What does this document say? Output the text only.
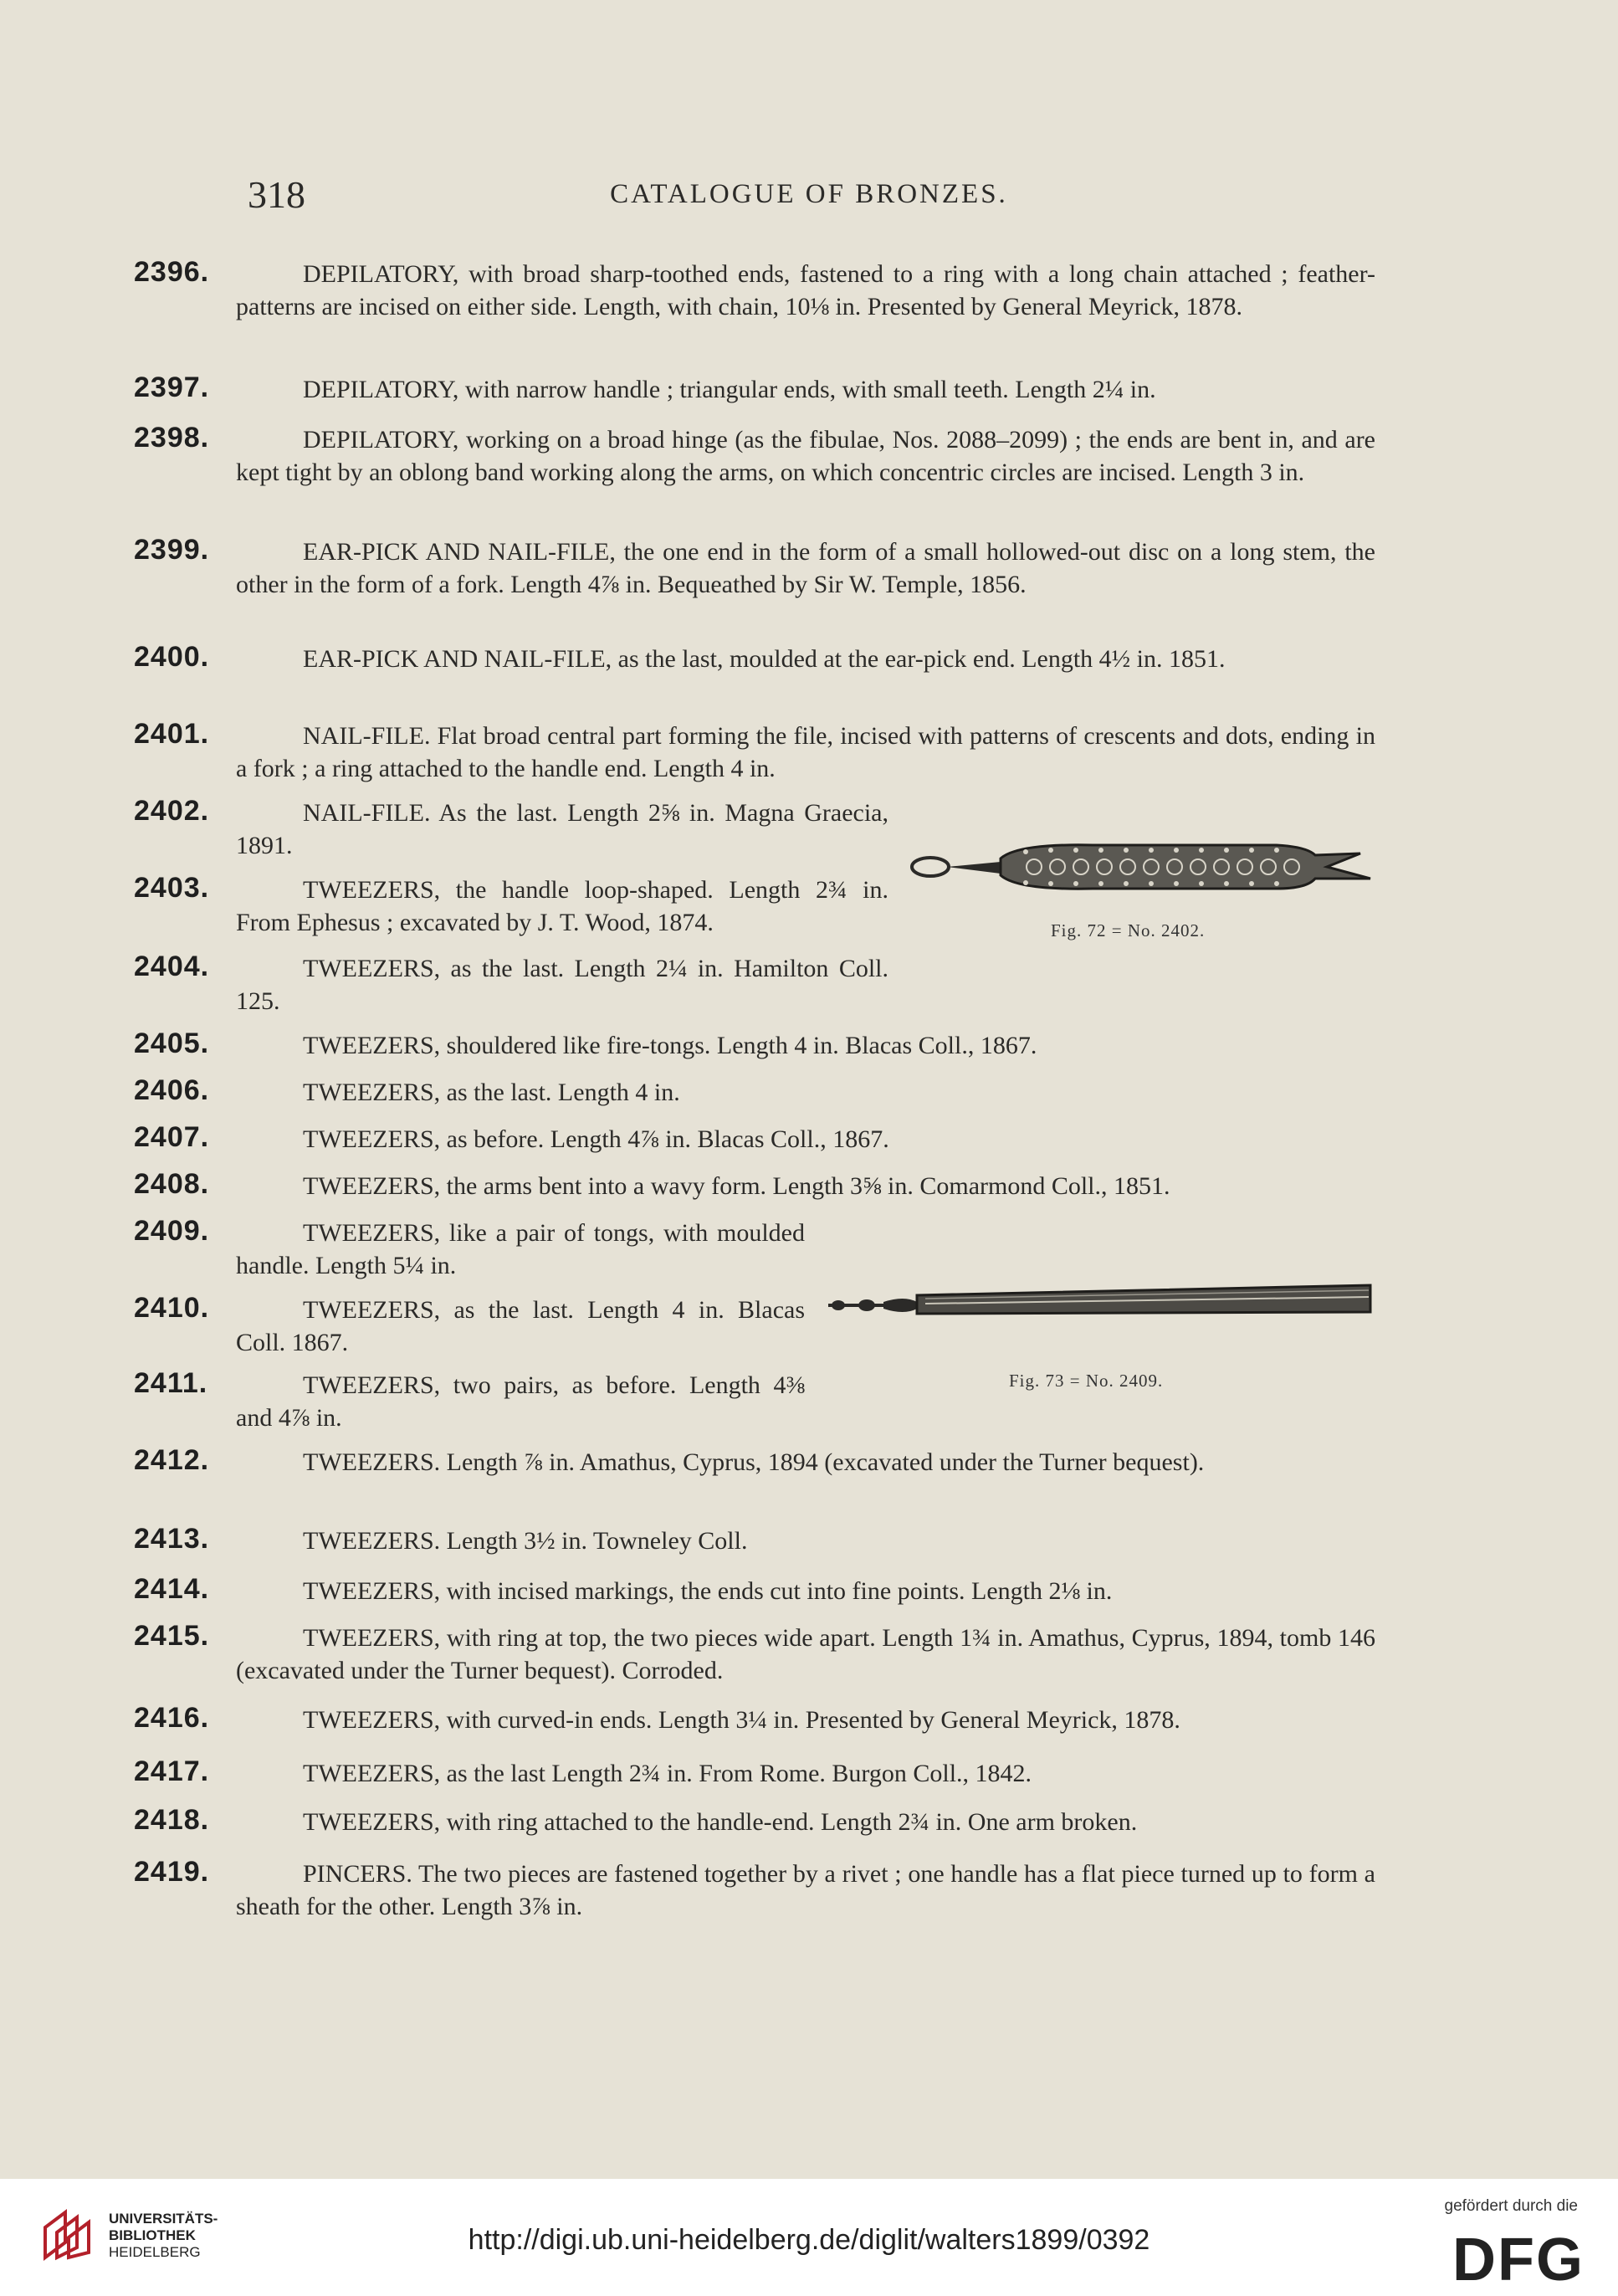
318	CATALOGUE OF BRONZES.
2396.	DEPILATORY, with broad sharp-toothed ends, fastened to a ring with a long chain attached ; feather-patterns are incised on either side. Length, with chain, 10⅛ in. Presented by General Meyrick, 1878.
2397.	DEPILATORY, with narrow handle ; triangular ends, with small teeth. Length 2¼ in.
2398.	DEPILATORY, working on a broad hinge (as the fibulae, Nos. 2088–2099) ; the ends are bent in, and are kept tight by an oblong band working along the arms, on which concentric circles are incised. Length 3 in.
2399.	EAR-PICK AND NAIL-FILE, the one end in the form of a small hollowed-out disc on a long stem, the other in the form of a fork. Length 4⅞ in. Bequeathed by Sir W. Temple, 1856.
2400.	EAR-PICK AND NAIL-FILE, as the last, moulded at the ear-pick end. Length 4½ in. 1851.
2401.	NAIL-FILE. Flat broad central part forming the file, incised with patterns of crescents and dots, ending in a fork ; a ring attached to the handle end. Length 4 in.
2402.	NAIL-FILE. As the last. Length 2⅝ in. Magna Graecia, 1891.
2403.	TWEEZERS, the handle loop-shaped. Length 2¾ in. From Ephesus ; excavated by J. T. Wood, 1874.
2404.	TWEEZERS, as the last. Length 2¼ in. Hamilton Coll. 125.
2405.	TWEEZERS, shouldered like fire-tongs. Length 4 in. Blacas Coll., 1867.
2406.	TWEEZERS, as the last. Length 4 in.
2407.	TWEEZERS, as before. Length 4⅞ in. Blacas Coll., 1867.
2408.	TWEEZERS, the arms bent into a wavy form. Length 3⅝ in. Comarmond Coll., 1851.
2409.	TWEEZERS, like a pair of tongs, with moulded handle. Length 5¼ in.
2410.	TWEEZERS, as the last. Length 4 in. Blacas Coll. 1867.
2411.	TWEEZERS, two pairs, as before. Length 4⅜ and 4⅞ in.
2412.	TWEEZERS. Length ⅞ in. Amathus, Cyprus, 1894 (excavated under the Turner bequest).
2413.	TWEEZERS. Length 3½ in. Towneley Coll.
2414.	TWEEZERS, with incised markings, the ends cut into fine points. Length 2⅛ in.
2415.	TWEEZERS, with ring at top, the two pieces wide apart. Length 1¾ in. Amathus, Cyprus, 1894, tomb 146 (excavated under the Turner bequest). Corroded.
2416.	TWEEZERS, with curved-in ends. Length 3¼ in. Presented by General Meyrick, 1878.
2417.	TWEEZERS, as the last Length 2¾ in. From Rome. Burgon Coll., 1842.
2418.	TWEEZERS, with ring attached to the handle-end. Length 2¾ in. One arm broken.
2419.	PINCERS. The two pieces are fastened together by a rivet ; one handle has a flat piece turned up to form a sheath for the other. Length 3⅞ in.
Fig. 72 = No. 2402.
Fig. 73 = No. 2409.
UNIVERSITÄTS-
BIBLIOTHEK
HEIDELBERG	http://digi.ub.uni-heidelberg.de/diglit/walters1899/0392
gefördert durch die
DFG
